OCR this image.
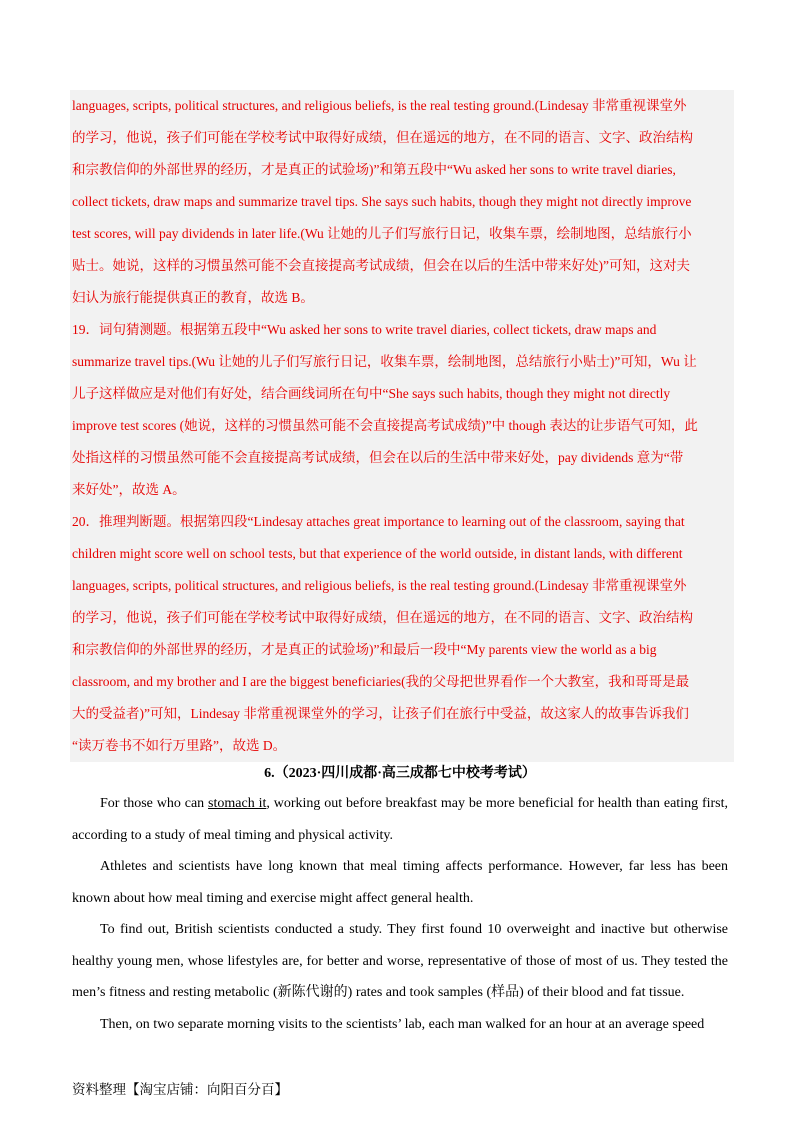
languages, scripts, political structures, and religious beliefs, is the real testing ground.(Lindesay 非常重视课堂外
的学习，他说，孩子们可能在学校考试中取得好成绩，但在遥远的地方，在不同的语言、文字、政治结构
和宗教信仰的外部世界的经历，才是真正的试验场)”和第五段中“Wu asked her sons to write travel diaries,
collect tickets, draw maps and summarize travel tips. She says such habits, though they might not directly improve
test scores, will pay dividends in later life.(Wu 让她的儿子们写旅行日记，收集车票，绘制地图，总结旅行小
贴士。她说，这样的习惯虽然可能不会直接提高考试成绩，但会在以后的生活中带来好处)”可知，这对夫
妇认为旅行能提供真正的教育，故选 B。
19．词句猜测题。根据第五段中“Wu asked her sons to write travel diaries, collect tickets, draw maps and
summarize travel tips.(Wu 让她的儿子们写旅行日记，收集车票，绘制地图，总结旅行小贴士)”可知，Wu 让
儿子这样做应是对他们有好处，结合画线词所在句中“She says such habits, though they might not directly
improve test scores (她说，这样的习惯虽然可能不会直接提高考试成绩)”中 though 表达的让步语气可知，此
处指这样的习惯虽然可能不会直接提高考试成绩，但会在以后的生活中带来好处，pay dividends 意为“带
来好处”，故选 A。
20．推理判断题。根据第四段“Lindesay attaches great importance to learning out of the classroom, saying that
children might score well on school tests, but that experience of the world outside, in distant lands, with different
languages, scripts, political structures, and religious beliefs, is the real testing ground.(Lindesay 非常重视课堂外
的学习，他说，孩子们可能在学校考试中取得好成绩，但在遥远的地方，在不同的语言、文字、政治结构
和宗教信仰的外部世界的经历，才是真正的试验场)”和最后一段中“My parents view the world as a big
classroom, and my brother and I are the biggest beneficiaries(我的父母把世界看作一个大教室，我和哥哥是最
大的受益者)”可知，Lindesay 非常重视课堂外的学习，让孩子们在旅行中受益，故这家人的故事告诉我们
“读万卷书不如行万里路”，故选 D。
6.（2023·四川成都·高三成都七中校考考试）

For those who can stomach it, working out before breakfast may be more beneficial for health than eating first, according to a study of meal timing and physical activity.

Athletes and scientists have long known that meal timing affects performance. However, far less has been known about how meal timing and exercise might affect general health.

To find out, British scientists conducted a study. They first found 10 overweight and inactive but otherwise healthy young men, whose lifestyles are, for better and worse, representative of those of most of us. They tested the men’s fitness and resting metabolic (新陈代谢的) rates and took samples (样品) of their blood and fat tissue.

Then, on two separate morning visits to the scientists’ lab, each man walked for an hour at an average speed

资料整理【淘宝店铺：向阳百分百】
